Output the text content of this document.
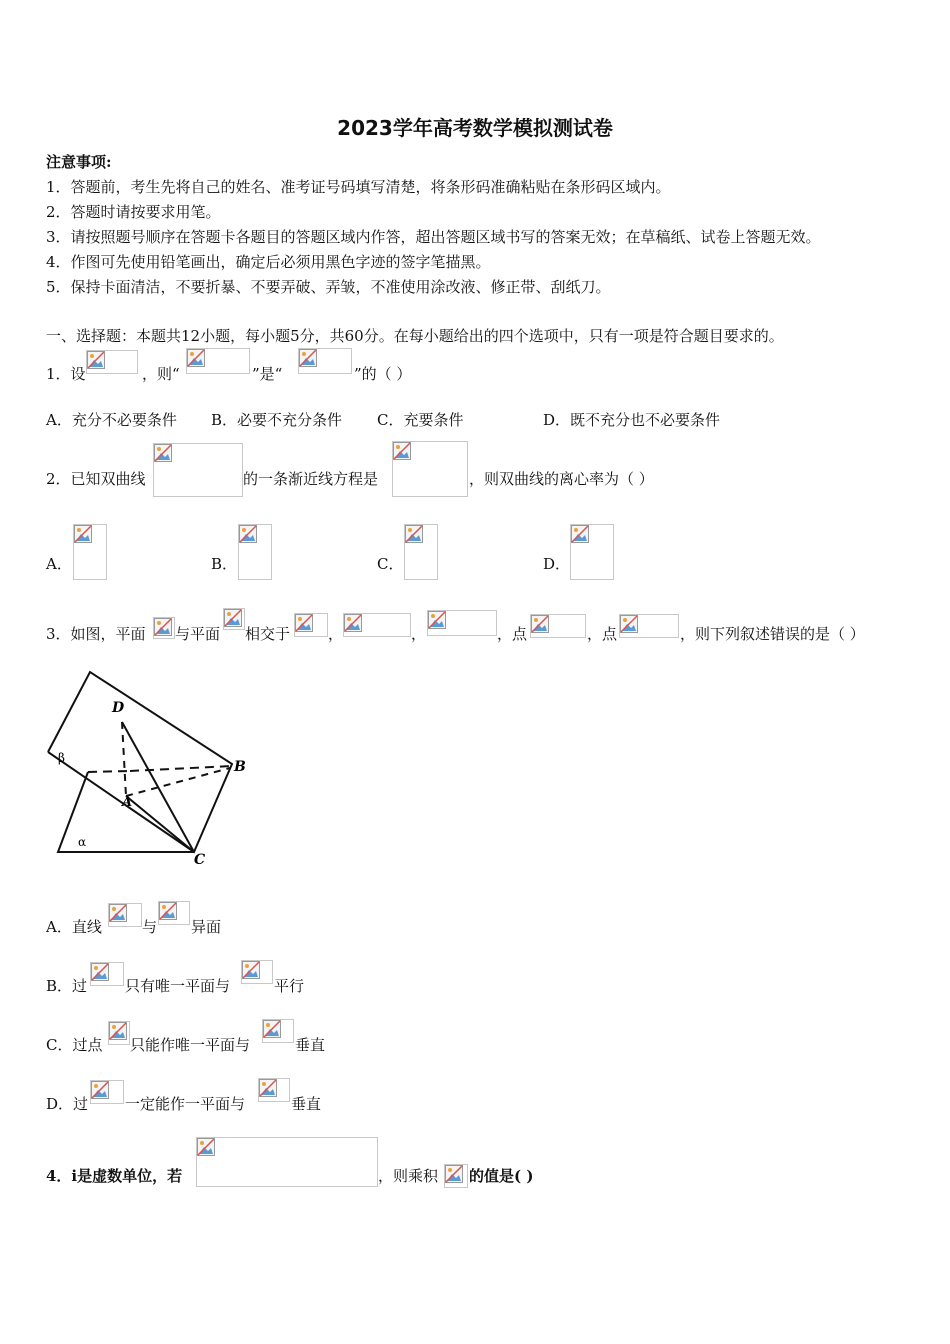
2023学年高考数学模拟测试卷
注意事项:
1．答题前，考生先将自己的姓名、准考证号码填写清楚，将条形码准确粘贴在条形码区域内。
2．答题时请按要求用笔。
3．请按照题号顺序在答题卡各题目的答题区域内作答，超出答题区域书写的答案无效；在草稿纸、试卷上答题无效。
4．作图可先使用铅笔画出，确定后必须用黑色字迹的签字笔描黑。
5．保持卡面清洁，不要折暴、不要弄破、弄皱，不准使用涂改液、修正带、刮纸刀。
一、选择题：本题共12小题，每小题5分，共60分。在每小题给出的四个选项中，只有一项是符合题目要求的。
1．设	，则“	”是“	”的（ ）
A．充分不必要条件 B．必要不充分条件 C．充要条件	D．既不充分也不必要条件
2．已知双曲线	的一条渐近线方程是	，则双曲线的离心率为（ ）
A．	B．	C．	D．
3．如图，平面 与平面 相交于	，	，	，点	，点	，则下列叙述错误的是（ ）
D
β
B
A
α
C
A．直线	与 异面
B．过	只有唯一平面与	平行
C．过点 只能作唯一平面与	垂直
D．过 一定能作一平面与	垂直
4．i是虚数单位，若	，则乘积 的值是( )
